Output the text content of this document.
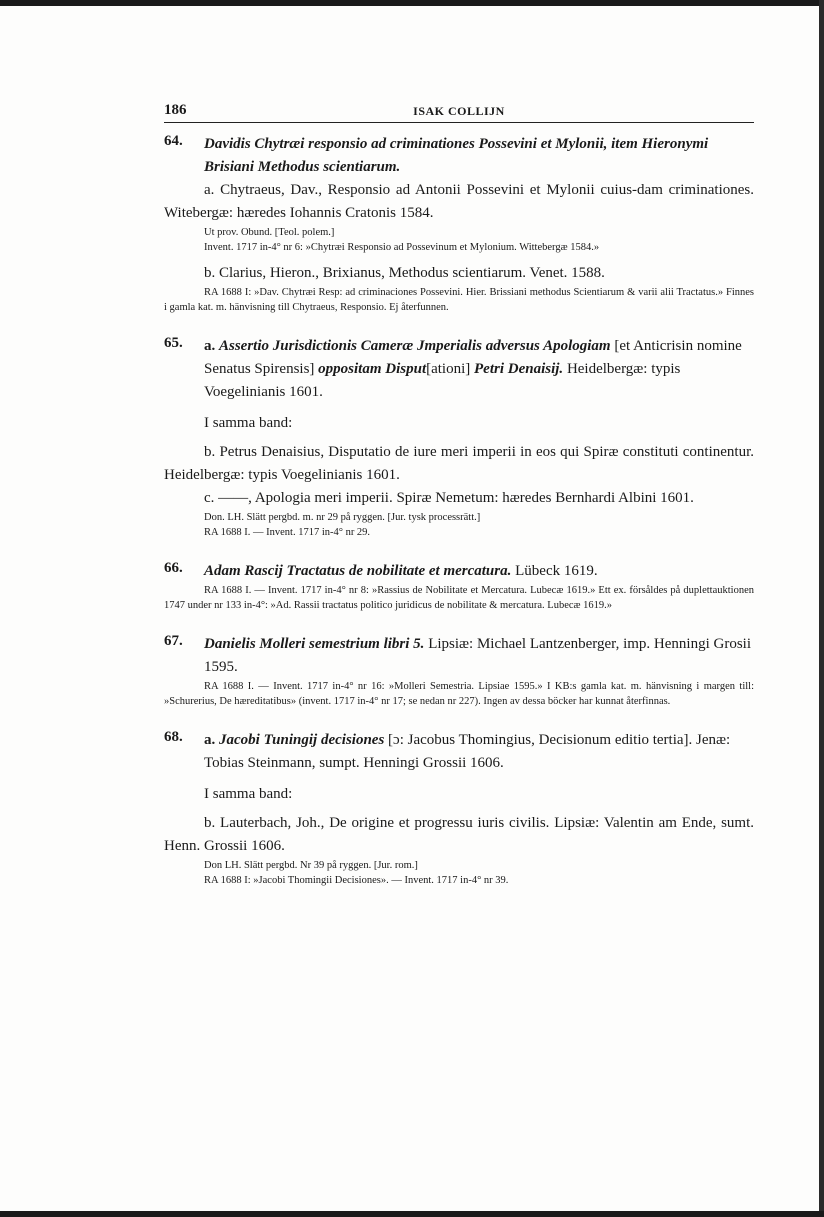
186	ISAK COLLIJN
64.	Davidis Chytræi responsio ad criminationes Possevini et Mylonii, item Hieronymi Brisiani Methodus scientiarum.
a. Chytraeus, Dav., Responsio ad Antonii Possevini et Mylonii cuius-dam criminationes. Witebergæ: hæredes Iohannis Cratonis 1584.
Ut prov. Obund. [Teol. polem.]
Invent. 1717 in-4° nr 6: »Chytræi Responsio ad Possevinum et Mylonium. Wittebergæ 1584.»
b. Clarius, Hieron., Brixianus, Methodus scientiarum. Venet. 1588.
RA 1688 I: »Dav. Chytræi Resp: ad criminaciones Possevini. Hier. Brissiani methodus Scientiarum & varii alii Tractatus.» Finnes i gamla kat. m. hänvisning till Chytraeus, Responsio. Ej återfunnen.
65.	a. Assertio Jurisdictionis Cameræ Jmperialis adversus Apologiam [et Anticrisin nomine Senatus Spirensis] oppositam Disput[ationi] Petri Denaisij. Heidelbergæ: typis Voegelinianis 1601.
I samma band:
b. Petrus Denaisius, Disputatio de iure meri imperii in eos qui Spiræ constituti continentur. Heidelbergæ: typis Voegelinianis 1601.
c. ——, Apologia meri imperii. Spiræ Nemetum: hæredes Bernhardi Albini 1601.
Don. LH. Slätt pergbd. m. nr 29 på ryggen. [Jur. tysk processrätt.]
RA 1688 I. — Invent. 1717 in-4° nr 29.
66.	Adam Rascij Tractatus de nobilitate et mercatura. Lübeck 1619.
RA 1688 I. — Invent. 1717 in-4° nr 8: »Rassius de Nobilitate et Mercatura. Lubecæ 1619.» Ett ex. försåldes på duplettauktionen 1747 under nr 133 in-4°: »Ad. Rassii tractatus politico juridicus de nobilitate & mercatura. Lubecæ 1619.»
67.	Danielis Molleri semestrium libri 5. Lipsiæ: Michael Lantzenberger, imp. Henningi Grosii 1595.
RA 1688 I. — Invent. 1717 in-4° nr 16: »Molleri Semestria. Lipsiae 1595.» I KB:s gamla kat. m. hänvisning i margen till: »Schurerius, De hæreditatibus» (invent. 1717 in-4° nr 17; se nedan nr 227). Ingen av dessa böcker har kunnat återfinnas.
68.	a. Jacobi Tuningij decisiones [ɔ: Jacobus Thomingius, Decisionum editio tertia]. Jenæ: Tobias Steinmann, sumpt. Henningi Grossii 1606.
I samma band:
b. Lauterbach, Joh., De origine et progressu iuris civilis. Lipsiæ: Valentin am Ende, sumt. Henn. Grossii 1606.
Don LH. Slätt pergbd. Nr 39 på ryggen. [Jur. rom.]
RA 1688 I: »Jacobi Thomingii Decisiones». — Invent. 1717 in-4° nr 39.
